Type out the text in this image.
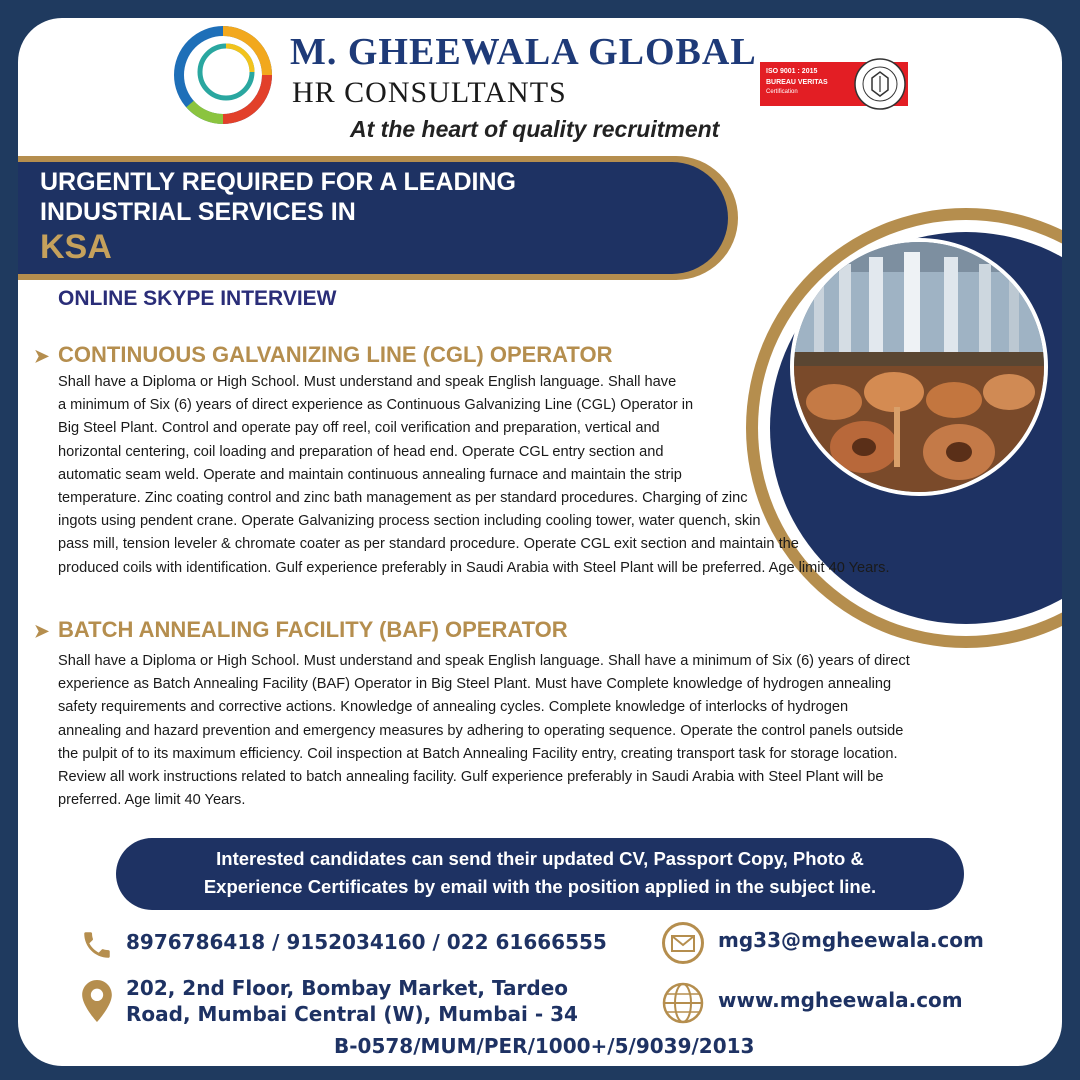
M. GHEEWALA GLOBAL
HR CONSULTANTS
At the heart of quality recruitment
ISO 9001 : 2015
BUREAU VERITAS
Certification
URGENTLY REQUIRED FOR A LEADING
INDUSTRIAL SERVICES IN
KSA
ONLINE SKYPE INTERVIEW
➤ CONTINUOUS GALVANIZING LINE (CGL) OPERATOR
Shall have a Diploma or High School. Must understand and speak English language. Shall have
a minimum of Six (6) years of direct experience as Continuous Galvanizing Line (CGL) Operator in
Big Steel Plant. Control and operate pay off reel, coil verification and preparation, vertical and
horizontal centering, coil loading and preparation of head end. Operate CGL entry section and
automatic seam weld. Operate and maintain continuous annealing furnace and maintain the strip
temperature. Zinc coating control and zinc bath management as per standard procedures. Charging of zinc
ingots using pendent crane. Operate Galvanizing process section including cooling tower, water quench, skin
pass mill, tension leveler & chromate coater as per standard procedure. Operate CGL exit section and maintain the
produced coils with identification. Gulf experience preferably in Saudi Arabia with Steel Plant will be preferred. Age limit 40 Years.
➤ BATCH ANNEALING FACILITY (BAF) OPERATOR
Shall have a Diploma or High School. Must understand and speak English language. Shall have a minimum of Six (6) years of direct
experience as Batch Annealing Facility (BAF) Operator in Big Steel Plant. Must have Complete knowledge of hydrogen annealing
safety requirements and corrective actions. Knowledge of annealing cycles. Complete knowledge of interlocks of hydrogen
annealing and hazard prevention and emergency measures by adhering to operating sequence. Operate the control panels outside
the pulpit of to its maximum efficiency. Coil inspection at Batch Annealing Facility entry, creating transport task for storage location.
Review all work instructions related to batch annealing facility. Gulf experience preferably in Saudi Arabia with Steel Plant will be
preferred. Age limit 40 Years.
Interested candidates can send their updated CV, Passport Copy, Photo &
Experience Certificates by email with the position applied in the subject line.
8976786418 / 9152034160 / 022 61666555
202, 2nd Floor, Bombay Market, Tardeo
Road, Mumbai Central (W), Mumbai - 34
mg33@mgheewala.com
www.mgheewala.com
B-0578/MUM/PER/1000+/5/9039/2013
